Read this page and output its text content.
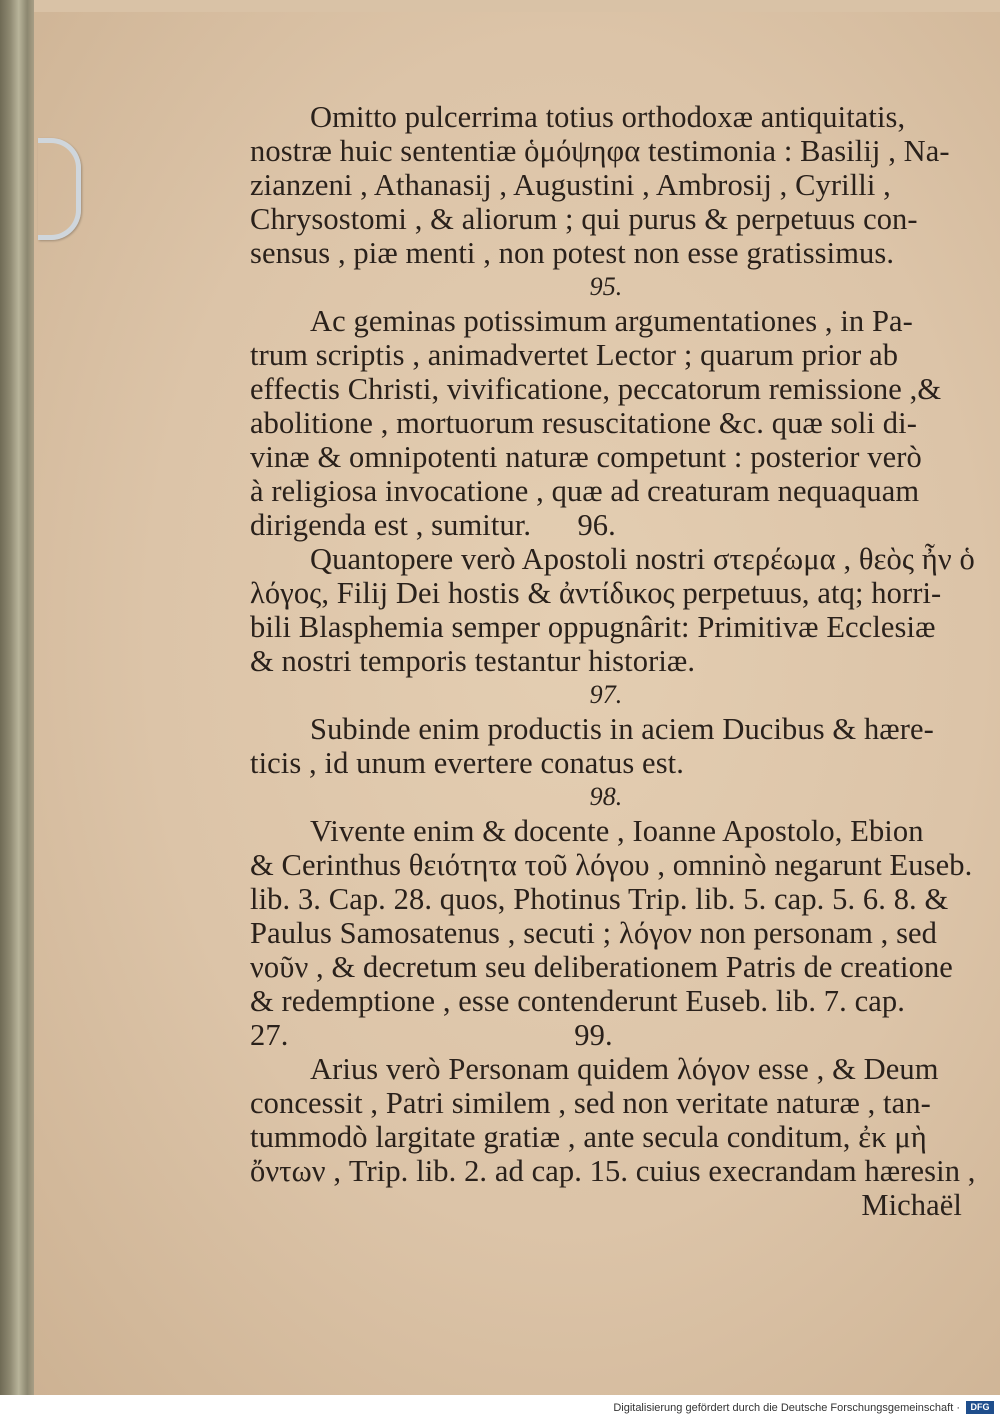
Omitto pulcerrima totius orthodoxæ antiquitatis,
nostræ huic sententiæ ὁμόψηφα testimonia : Basilij , Na-
zianzeni , Athanasij , Augustini , Ambrosij , Cyrilli ,
Chrysostomi , & aliorum ; qui purus & perpetuus con-
sensus , piæ menti , non potest non esse gratissimus.

95.

Ac geminas potissimum argumentationes , in Pa-
trum scriptis , animadvertet Lector ; quarum prior ab
effectis Christi, vivificatione, peccatorum remissione ,&
abolitione , mortuorum resuscitatione &c. quæ soli di-
vinæ & omnipotenti naturæ competunt : posterior verò
à religiosa invocatione , quæ ad creaturam nequaquam
dirigenda est , sumitur.      96.

Quantopere verò Apostoli nostri στερέωμα , θεὸς ἦν ὁ
λόγος, Filij Dei hostis & ἀντίδικος perpetuus, atq; horri-
bili Blasphemia semper oppugnârit: Primitivæ Ecclesiæ
& nostri temporis testantur historiæ.

97.

Subinde enim productis in aciem Ducibus & hære-
ticis , id unum evertere conatus est.

98.

Vivente enim & docente , Ioanne Apostolo, Ebion
& Cerinthus θειότητα τοῦ λόγου , omninò negarunt Euseb.
lib. 3. Cap. 28. quos, Photinus Trip. lib. 5. cap. 5. 6. 8. &
Paulus Samosatenus , secuti ; λόγον non personam , sed
νοῦν , & decretum seu deliberationem Patris de creatione
& redemptione , esse contenderunt Euseb. lib. 7. cap.
27.                                     99.

Arius verò Personam quidem λόγον esse , & Deum
concessit , Patri similem , sed non veritate naturæ , tan-
tummodò largitate gratiæ , ante secula conditum, ἐκ μὴ
ὄντων , Trip. lib. 2. ad cap. 15. cuius execrandam hæresin ,

Michaël
Digitalisierung gefördert durch die Deutsche Forschungsgemeinschaft ·	DFG
